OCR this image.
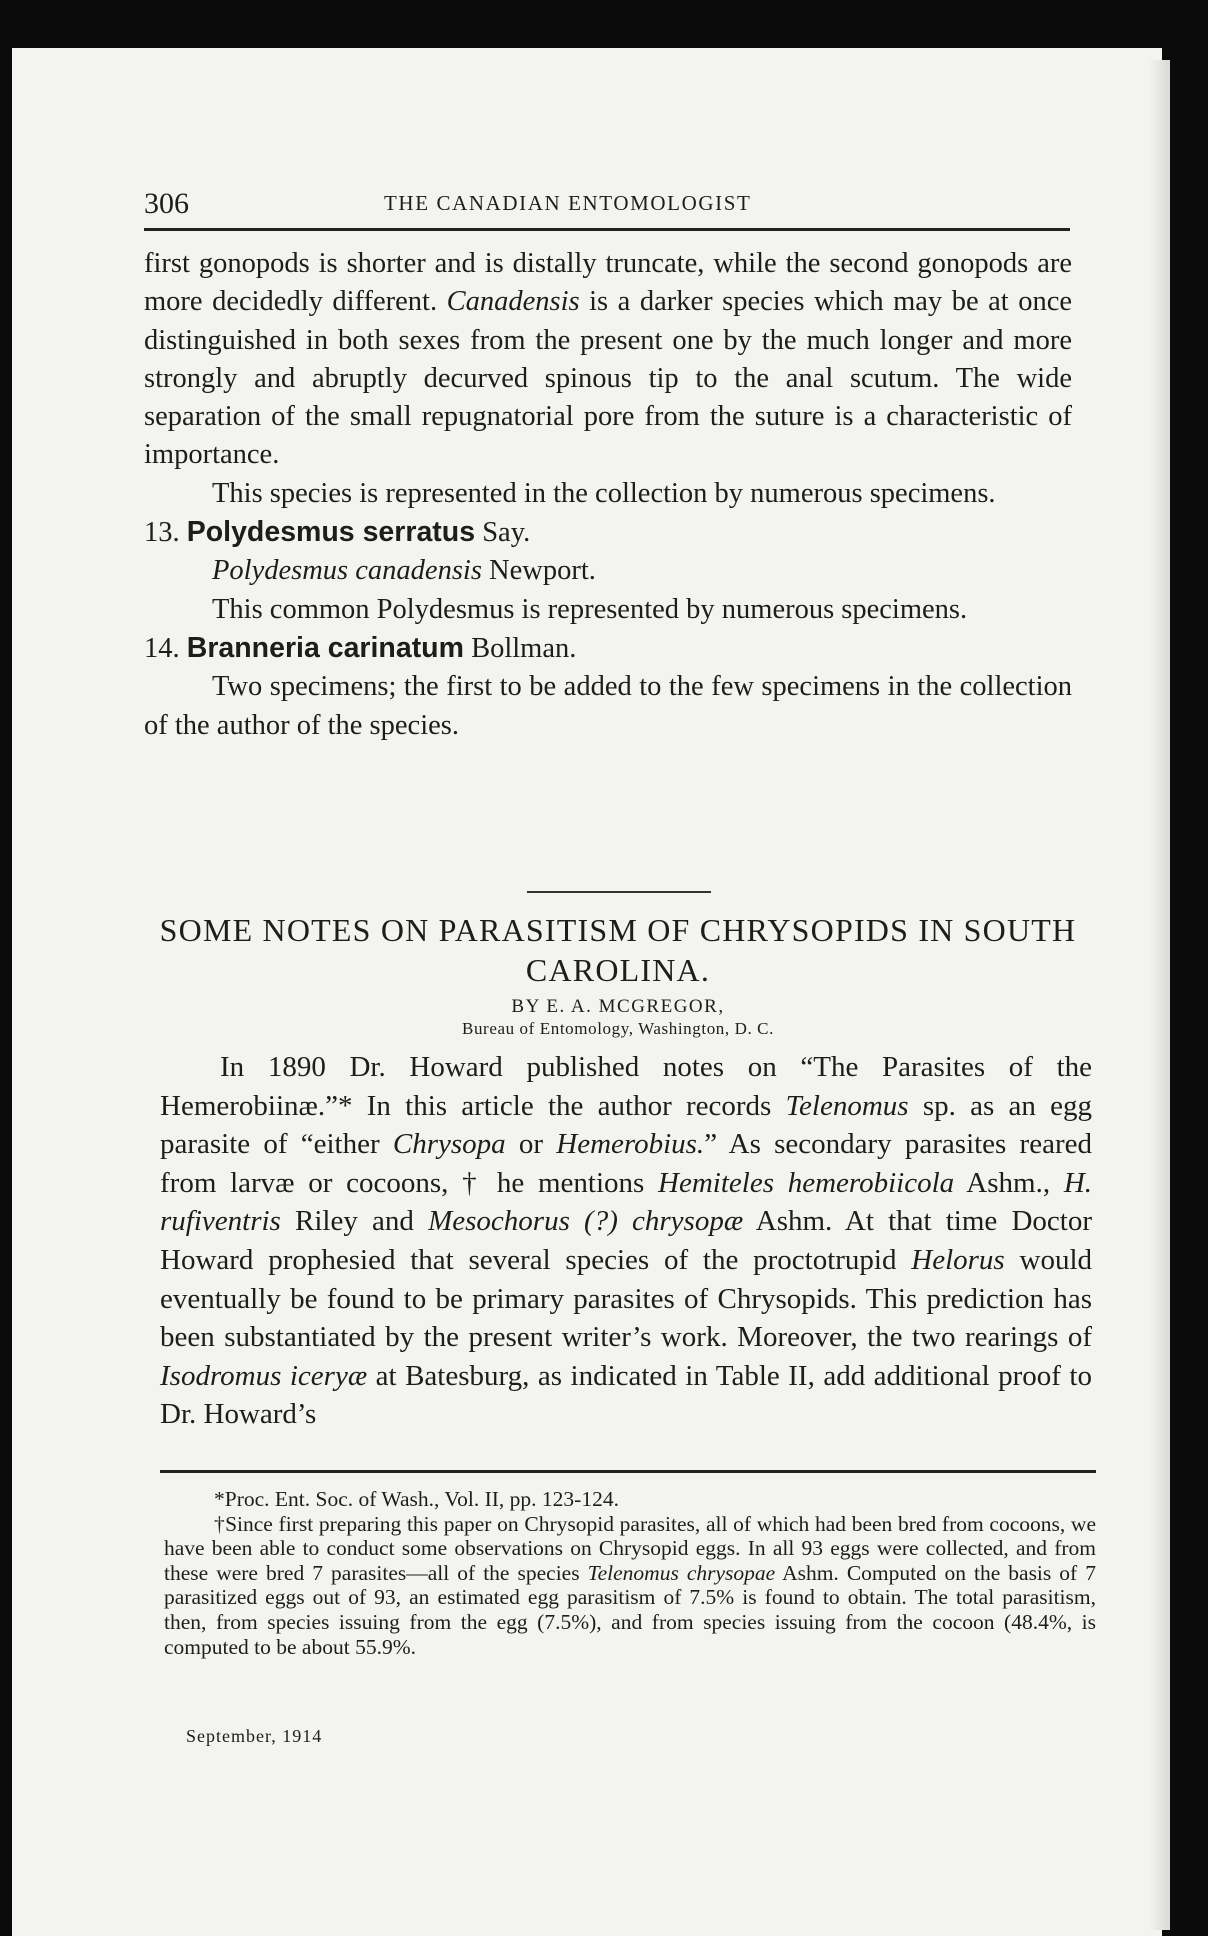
306	THE CANADIAN ENTOMOLOGIST

first gonopods is shorter and is distally truncate, while the second gonopods are more decidedly different. Canadensis is a darker species which may be at once distinguished in both sexes from the present one by the much longer and more strongly and abruptly decurved spinous tip to the anal scutum. The wide separation of the small repugnatorial pore from the suture is a characteristic of importance.

This species is represented in the collection by numerous specimens.

13. Polydesmus serratus Say.

Polydesmus canadensis Newport.

This common Polydesmus is represented by numerous specimens.

14. Branneria carinatum Bollman.

Two specimens; the first to be added to the few specimens in the collection of the author of the species.

SOME NOTES ON PARASITISM OF CHRYSOPIDS IN SOUTH CAROLINA.
BY E. A. MCGREGOR,
Bureau of Entomology, Washington, D. C.

In 1890 Dr. Howard published notes on “The Parasites of the Hemerobiinæ.”* In this article the author records Telenomus sp. as an egg parasite of “either Chrysopa or Hemerobius.” As secondary parasites reared from larvæ or cocoons, † he mentions Hemiteles hemerobiicola Ashm., H. rufiventris Riley and Mesochorus (?) chrysopæ Ashm. At that time Doctor Howard prophesied that several species of the proctotrupid Helorus would eventually be found to be primary parasites of Chrysopids. This prediction has been substantiated by the present writer’s work. Moreover, the two rearings of Isodromus iceryæ at Batesburg, as indicated in Table II, add additional proof to Dr. Howard’s

*Proc. Ent. Soc. of Wash., Vol. II, pp. 123-124.

†Since first preparing this paper on Chrysopid parasites, all of which had been bred from cocoons, we have been able to conduct some observations on Chrysopid eggs. In all 93 eggs were collected, and from these were bred 7 parasites—all of the species Telenomus chrysopae Ashm. Computed on the basis of 7 parasitized eggs out of 93, an estimated egg parasitism of 7.5% is found to obtain. The total parasitism, then, from species issuing from the egg (7.5%), and from species issuing from the cocoon (48.4%, is computed to be about 55.9%.

September, 1914
